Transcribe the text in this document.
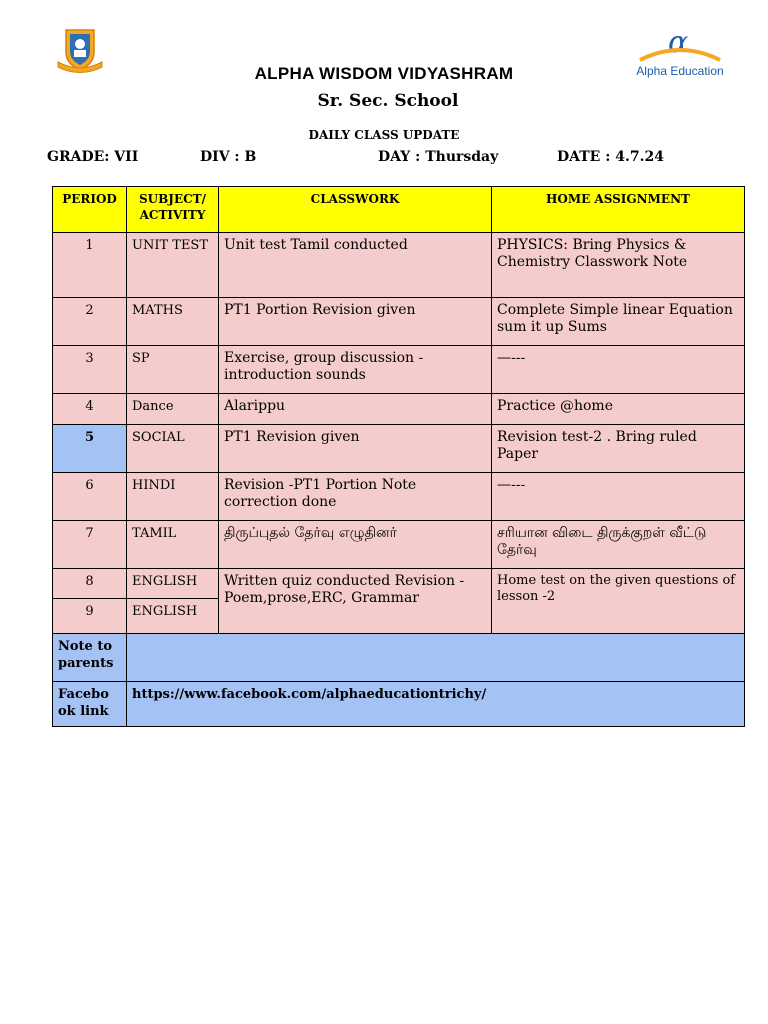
α
Alpha Education
ALPHA WISDOM VIDYASHRAM
Sr. Sec. School
DAILY CLASS UPDATE
GRADE: VII	DIV : B	DAY : Thursday	DATE : 4.7.24
PERIOD	SUBJECT/ ACTIVITY	CLASSWORK	HOME ASSIGNMENT
1	UNIT TEST	Unit test Tamil conducted	PHYSICS: Bring Physics & Chemistry Classwork Note
2	MATHS	PT1 Portion Revision given	Complete Simple linear Equation sum it up Sums
3	SP	Exercise, group discussion -introduction sounds	—---
4	Dance	Alarippu	Practice @home
5	SOCIAL	PT1 Revision given	Revision test-2 . Bring ruled Paper
6	HINDI	Revision -PT1 Portion Note correction done	—---
7	TAMIL	திருப்புதல் தேர்வு எழுதினர்	சரியான விடை திருக்குறள் வீட்டு தேர்வு
8	ENGLISH	Written quiz conducted Revision -Poem,prose,ERC, Grammar	Home test on the given questions of lesson -2
9	ENGLISH		
Note to parents			
Facebo ok link	https://www.facebook.com/alphaeducationtrichy/		
